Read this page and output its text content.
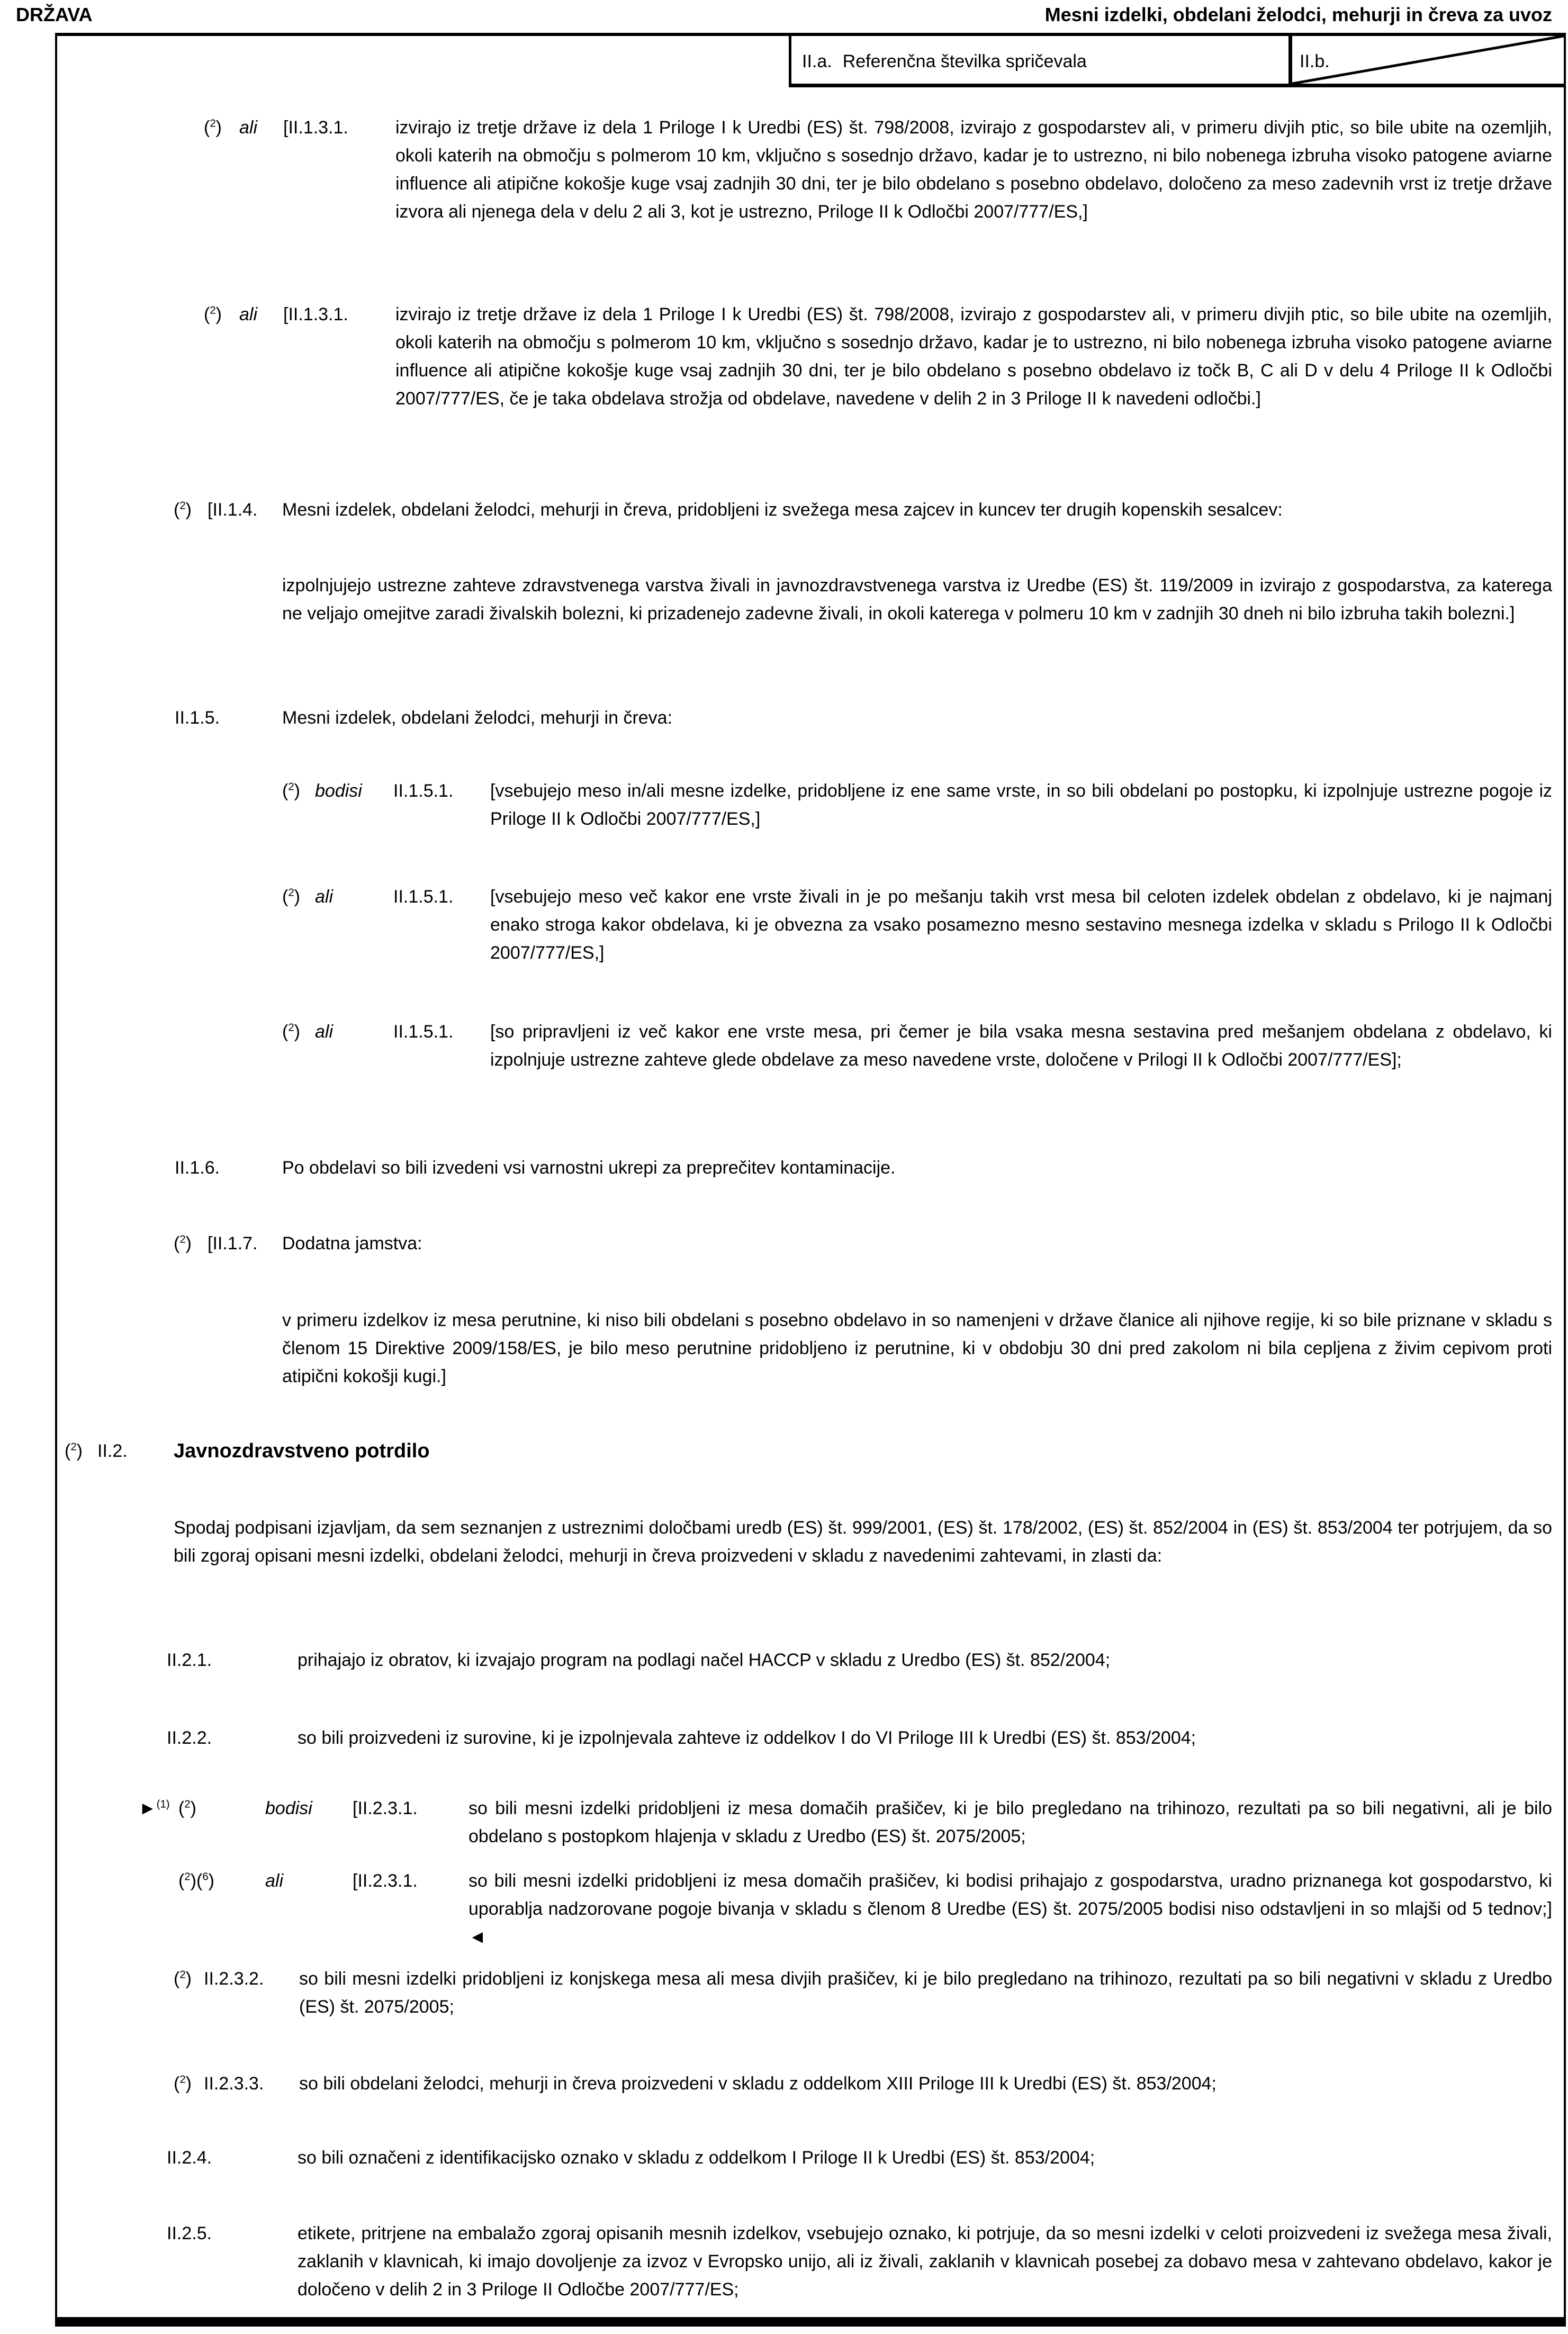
DRŽAVA	Mesni izdelki, obdelani želodci, mehurji in čreva za uvoz
II.a. Referenčna številka spričevala	II.b.
($^2$) ali	[II.1.3.1.	izvirajo iz tretje države iz dela 1 Priloge I k Uredbi (ES) št. 798/2008, izvirajo z gospodarstev ali, v primeru divjih ptic, so bile ubite na ozemljih, okoli katerih na območju s polmerom 10 km, vključno s sosednjo državo, kadar je to ustrezno, ni bilo nobenega izbruha visoko patogene aviarne influence ali atipične kokošje kuge vsaj zadnjih 30 dni, ter je bilo obdelano s posebno obdelavo, določeno za meso zadevnih vrst iz tretje države izvora ali njenega dela v delu 2 ali 3, kot je ustrezno, Priloge II k Odločbi 2007/777/ES,]
($^2$) ali	[II.1.3.1.	izvirajo iz tretje države iz dela 1 Priloge I k Uredbi (ES) št. 798/2008, izvirajo z gospodarstev ali, v primeru divjih ptic, so bile ubite na ozemljih, okoli katerih na območju s polmerom 10 km, vključno s sosednjo državo, kadar je to ustrezno, ni bilo nobenega izbruha visoko patogene aviarne influence ali atipične kokošje kuge vsaj zadnjih 30 dni, ter je bilo obdelano s posebno obdelavo iz točk B, C ali D v delu 4 Priloge II k Odločbi 2007/777/ES, če je taka obdelava strožja od obdelave, navedene v delih 2 in 3 Priloge II k navedeni odločbi.]
($^2$) [II.1.4.	Mesni izdelek, obdelani želodci, mehurji in čreva, pridobljeni iz svežega mesa zajcev in kuncev ter drugih kopenskih sesalcev:
izpolnjujejo ustrezne zahteve zdravstvenega varstva živali in javnozdravstvenega varstva iz Uredbe (ES) št. 119/2009 in izvirajo z gospodarstva, za katerega ne veljajo omejitve zaradi živalskih bolezni, ki prizadenejo zadevne živali, in okoli katerega v polmeru 10 km v zadnjih 30 dneh ni bilo izbruha takih bolezni.]
II.1.5.	Mesni izdelek, obdelani želodci, mehurji in čreva:
($^2$) bodisi	II.1.5.1.	[vsebujejo meso in/ali mesne izdelke, pridobljene iz ene same vrste, in so bili obdelani po postopku, ki izpolnjuje ustrezne pogoje iz Priloge II k Odločbi 2007/777/ES,]
($^2$) ali	II.1.5.1.	[vsebujejo meso več kakor ene vrste živali in je po mešanju takih vrst mesa bil celoten izdelek obdelan z obdelavo, ki je najmanj enako stroga kakor obdelava, ki je obvezna za vsako posamezno mesno sestavino mesnega izdelka v skladu s Prilogo II k Odločbi 2007/777/ES,]
($^2$) ali	II.1.5.1.	[so pripravljeni iz več kakor ene vrste mesa, pri čemer je bila vsaka mesna sestavina pred mešanjem obdelana z obdelavo, ki izpolnjuje ustrezne zahteve glede obdelave za meso navedene vrste, določene v Prilogi II k Odločbi 2007/777/ES];
II.1.6.	Po obdelavi so bili izvedeni vsi varnostni ukrepi za preprečitev kontaminacije.
($^2$) [II.1.7.	Dodatna jamstva:
v primeru izdelkov iz mesa perutnine, ki niso bili obdelani s posebno obdelavo in so namenjeni v države članice ali njihove regije, ki so bile priznane v skladu s členom 15 Direktive 2009/158/ES, je bilo meso perutnine pridobljeno iz perutnine, ki v obdobju 30 dni pred zakolom ni bila cepljena z živim cepivom proti atipični kokošji kugi.]
($^2$) II.2.	Javnozdravstveno potrdilo
Spodaj podpisani izjavljam, da sem seznanjen z ustreznimi določbami uredb (ES) št. 999/2001, (ES) št. 178/2002, (ES) št. 852/2004 in (ES) št. 853/2004 ter potrjujem, da so bili zgoraj opisani mesni izdelki, obdelani želodci, mehurji in čreva proizvedeni v skladu z navedenimi zahtevami, in zlasti da:
II.2.1.	prihajajo iz obratov, ki izvajajo program na podlagi načel HACCP v skladu z Uredbo (ES) št. 852/2004;
II.2.2.	so bili proizvedeni iz surovine, ki je izpolnjevala zahteve iz oddelkov I do VI Priloge III k Uredbi (ES) št. 853/2004;
►$^{(1)}$ ($^2$)	bodisi	[II.2.3.1.	so bili mesni izdelki pridobljeni iz mesa domačih prašičev, ki je bilo pregledano na trihinozo, rezultati pa so bili negativni, ali je bilo obdelano s postopkom hlajenja v skladu z Uredbo (ES) št. 2075/2005;
($^2$)($^6$)	ali	[II.2.3.1.	so bili mesni izdelki pridobljeni iz mesa domačih prašičev, ki bodisi prihajajo z gospodarstva, uradno priznanega kot gospodarstvo, ki uporablja nadzorovane pogoje bivanja v skladu s členom 8 Uredbe (ES) št. 2075/2005 bodisi niso odstavljeni in so mlajši od 5 tednov;] ◄
($^2$) II.2.3.2.	so bili mesni izdelki pridobljeni iz konjskega mesa ali mesa divjih prašičev, ki je bilo pregledano na trihinozo, rezultati pa so bili negativni v skladu z Uredbo (ES) št. 2075/2005;
($^2$) II.2.3.3.	so bili obdelani želodci, mehurji in čreva proizvedeni v skladu z oddelkom XIII Priloge III k Uredbi (ES) št. 853/2004;
II.2.4.	so bili označeni z identifikacijsko oznako v skladu z oddelkom I Priloge II k Uredbi (ES) št. 853/2004;
II.2.5.	etikete, pritrjene na embalažo zgoraj opisanih mesnih izdelkov, vsebujejo oznako, ki potrjuje, da so mesni izdelki v celoti proizvedeni iz svežega mesa živali, zaklanih v klavnicah, ki imajo dovoljenje za izvoz v Evropsko unijo, ali iz živali, zaklanih v klavnicah posebej za dobavo mesa v zahtevano obdelavo, kakor je določeno v delih 2 in 3 Priloge II Odločbe 2007/777/ES;
